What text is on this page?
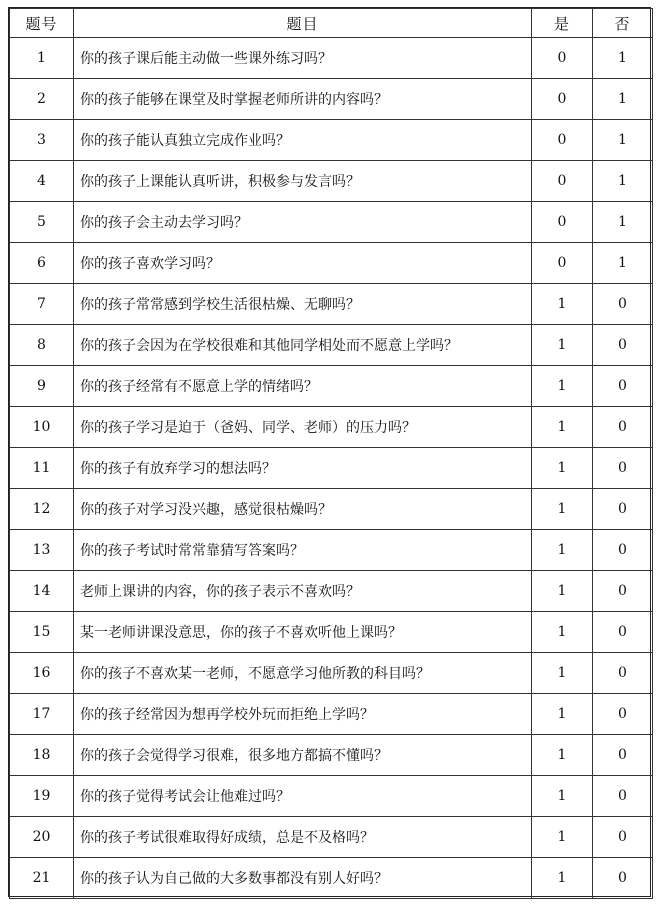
题号	题目	是	否
1	你的孩子课后能主动做一些课外练习吗？	0	1
2	你的孩子能够在课堂及时掌握老师所讲的内容吗？	0	1
3	你的孩子能认真独立完成作业吗？	0	1
4	你的孩子上课能认真听讲，积极参与发言吗？	0	1
5	你的孩子会主动去学习吗？	0	1
6	你的孩子喜欢学习吗？	0	1
7	你的孩子常常感到学校生活很枯燥、无聊吗？	1	0
8	你的孩子会因为在学校很难和其他同学相处而不愿意上学吗？	1	0
9	你的孩子经常有不愿意上学的情绪吗？	1	0
10	你的孩子学习是迫于（爸妈、同学、老师）的压力吗？	1	0
11	你的孩子有放弃学习的想法吗？	1	0
12	你的孩子对学习没兴趣，感觉很枯燥吗？	1	0
13	你的孩子考试时常常靠猜写答案吗？	1	0
14	老师上课讲的内容，你的孩子表示不喜欢吗？	1	0
15	某一老师讲课没意思，你的孩子不喜欢听他上课吗？	1	0
16	你的孩子不喜欢某一老师，不愿意学习他所教的科目吗？	1	0
17	你的孩子经常因为想再学校外玩而拒绝上学吗？	1	0
18	你的孩子会觉得学习很难，很多地方都搞不懂吗？	1	0
19	你的孩子觉得考试会让他难过吗？	1	0
20	你的孩子考试很难取得好成绩，总是不及格吗？	1	0
21	你的孩子认为自己做的大多数事都没有别人好吗？	1	0
